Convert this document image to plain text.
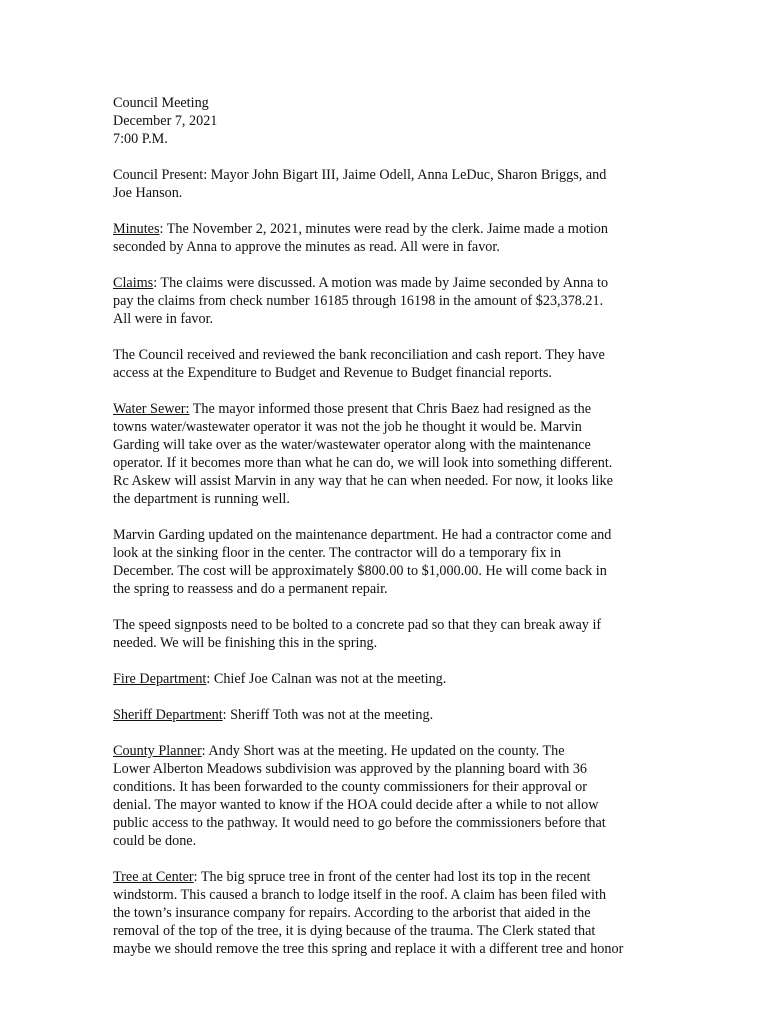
Council Meeting
December 7, 2021
7:00 P.M.
Council Present: Mayor John Bigart III, Jaime Odell, Anna LeDuc, Sharon Briggs, and
Joe Hanson.
Minutes: The November 2, 2021, minutes were read by the clerk. Jaime made a motion
seconded by Anna to approve the minutes as read. All were in favor.
Claims: The claims were discussed. A motion was made by Jaime seconded by Anna to
pay the claims from check number 16185 through 16198 in the amount of $23,378.21.
All were in favor.
The Council received and reviewed the bank reconciliation and cash report. They have
access at the Expenditure to Budget and Revenue to Budget financial reports.
Water Sewer: The mayor informed those present that Chris Baez had resigned as the
towns water/wastewater operator it was not the job he thought it would be. Marvin
Garding will take over as the water/wastewater operator along with the maintenance
operator. If it becomes more than what he can do, we will look into something different.
Rc Askew will assist Marvin in any way that he can when needed. For now, it looks like
the department is running well.
Marvin Garding updated on the maintenance department. He had a contractor come and
look at the sinking floor in the center. The contractor will do a temporary fix in
December. The cost will be approximately $800.00 to $1,000.00. He will come back in
the spring to reassess and do a permanent repair.
The speed signposts need to be bolted to a concrete pad so that they can break away if
needed. We will be finishing this in the spring.
Fire Department: Chief Joe Calnan was not at the meeting.
Sheriff Department: Sheriff Toth was not at the meeting.
County Planner: Andy Short was at the meeting. He updated on the county. The
Lower Alberton Meadows subdivision was approved by the planning board with 36
conditions. It has been forwarded to the county commissioners for their approval or
denial. The mayor wanted to know if the HOA could decide after a while to not allow
public access to the pathway. It would need to go before the commissioners before that
could be done.
Tree at Center: The big spruce tree in front of the center had lost its top in the recent
windstorm. This caused a branch to lodge itself in the roof. A claim has been filed with
the town’s insurance company for repairs. According to the arborist that aided in the
removal of the top of the tree, it is dying because of the trauma. The Clerk stated that
maybe we should remove the tree this spring and replace it with a different tree and honor
